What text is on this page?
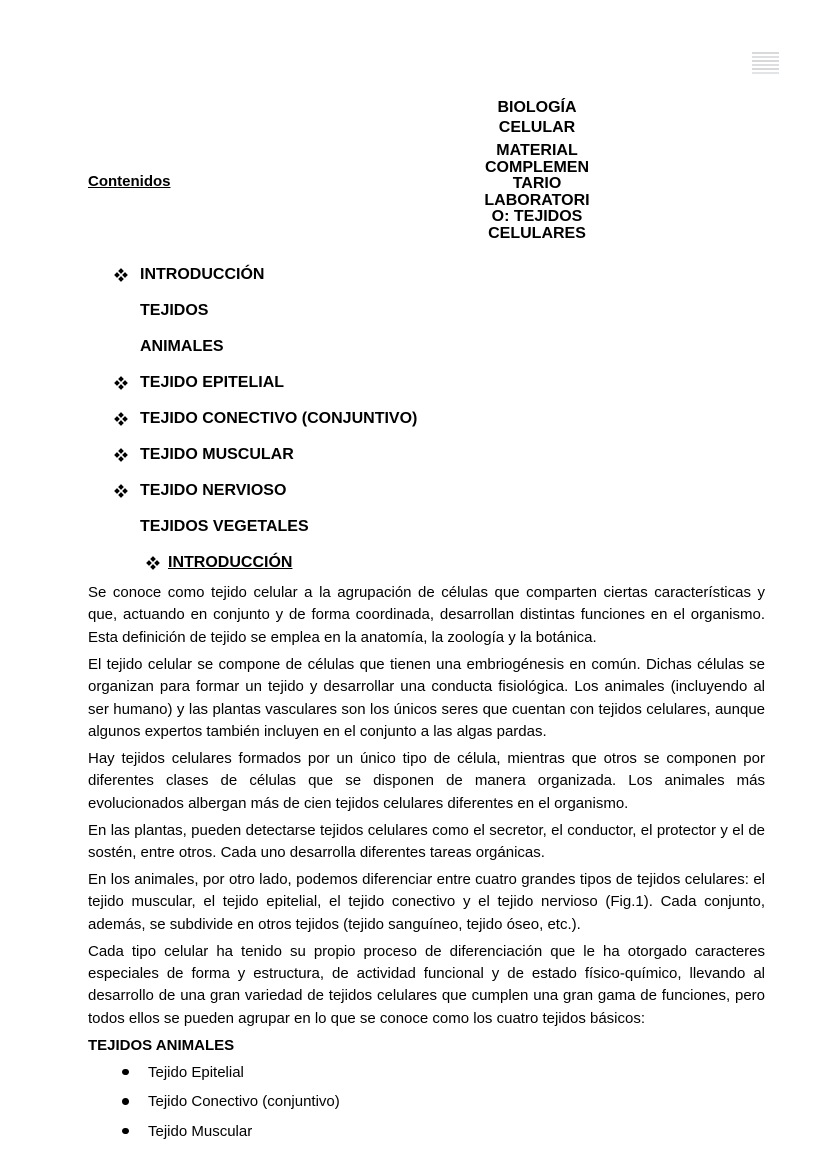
BIOLOGÍA
CELULAR
MATERIAL
COMPLEMEN
TARIO
LABORATORI
O: TEJIDOS
CELULARES
Contenidos
INTRODUCCIÓN
TEJIDOS
ANIMALES
TEJIDO EPITELIAL
TEJIDO CONECTIVO (CONJUNTIVO)
TEJIDO MUSCULAR
TEJIDO NERVIOSO
TEJIDOS VEGETALES
INTRODUCCIÓN

Se conoce como tejido celular a la agrupación de células que comparten ciertas características y que, actuando en conjunto y de forma coordinada, desarrollan distintas funciones en el organismo. Esta definición de tejido se emplea en la anatomía, la zoología y la botánica.

El tejido celular se compone de células que tienen una embriogénesis en común. Dichas células se organizan para formar un tejido y desarrollar una conducta fisiológica. Los animales (incluyendo al ser humano) y las plantas vasculares son los únicos seres que cuentan con tejidos celulares, aunque algunos expertos también incluyen en el conjunto a las algas pardas.

Hay tejidos celulares formados por un único tipo de célula, mientras que otros se componen por diferentes clases de células que se disponen de manera organizada. Los animales más evolucionados albergan más de cien tejidos celulares diferentes en el organismo.

En las plantas, pueden detectarse tejidos celulares como el secretor, el conductor, el protector y el de sostén, entre otros. Cada uno desarrolla diferentes tareas orgánicas.

En los animales, por otro lado, podemos diferenciar entre cuatro grandes tipos de tejidos celulares: el tejido muscular, el tejido epitelial, el tejido conectivo y el tejido nervioso (Fig.1). Cada conjunto, además, se subdivide en otros tejidos (tejido sanguíneo, tejido óseo, etc.).

Cada tipo celular ha tenido su propio proceso de diferenciación que le ha otorgado caracteres especiales de forma y estructura, de actividad funcional y de estado físico-químico, llevando al desarrollo de una gran variedad de tejidos celulares que cumplen una gran gama de funciones, pero todos ellos se pueden agrupar en lo que se conoce como los cuatro tejidos básicos:

TEJIDOS ANIMALES
Tejido Epitelial
Tejido Conectivo (conjuntivo)
Tejido Muscular
